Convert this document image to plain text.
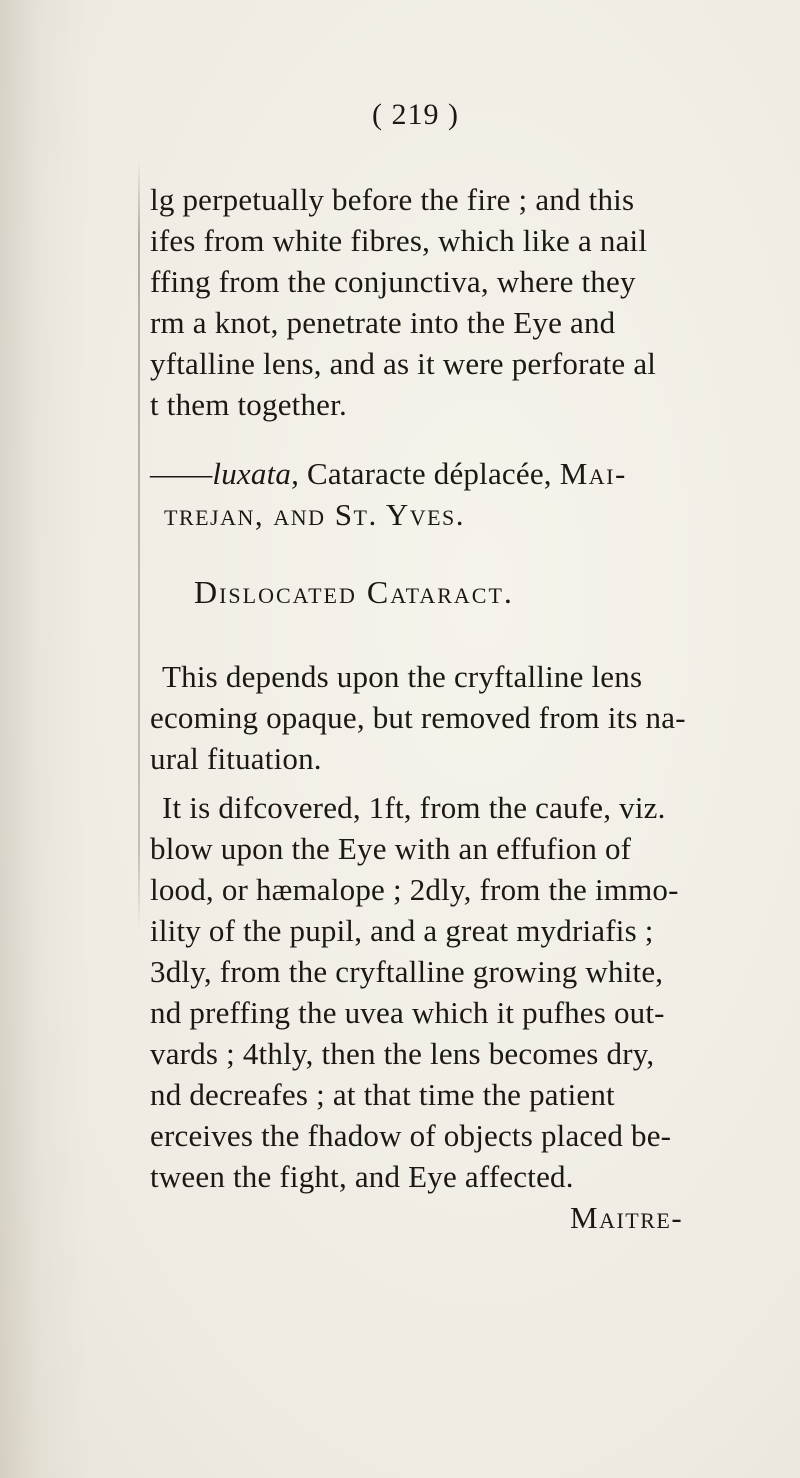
( 219 )
lg perpetually before the fire ; and this
ifes from white fibres, which like a nail
ffing from the conjunctiva, where they
rm a knot, penetrate into the Eye and
yftalline lens, and as it were perforate al
t them together.
——luxata, Cataracte déplacée, Mai-
trejan, and St. Yves.
Dislocated Cataract.
This depends upon the cryftalline lens
ecoming opaque, but removed from its na-
ural fituation.
It is difcovered, 1ft, from the caufe, viz.
blow upon the Eye with an effufion of
lood, or hæmalope ; 2dly, from the immo-
ility of the pupil, and a great mydriafis ;
3dly, from the cryftalline growing white,
nd preffing the uvea which it pufhes out-
vards ; 4thly, then the lens becomes dry,
nd decreafes ; at that time the patient
erceives the fhadow of objects placed be-
tween the fight, and Eye affected.
Maitre-
